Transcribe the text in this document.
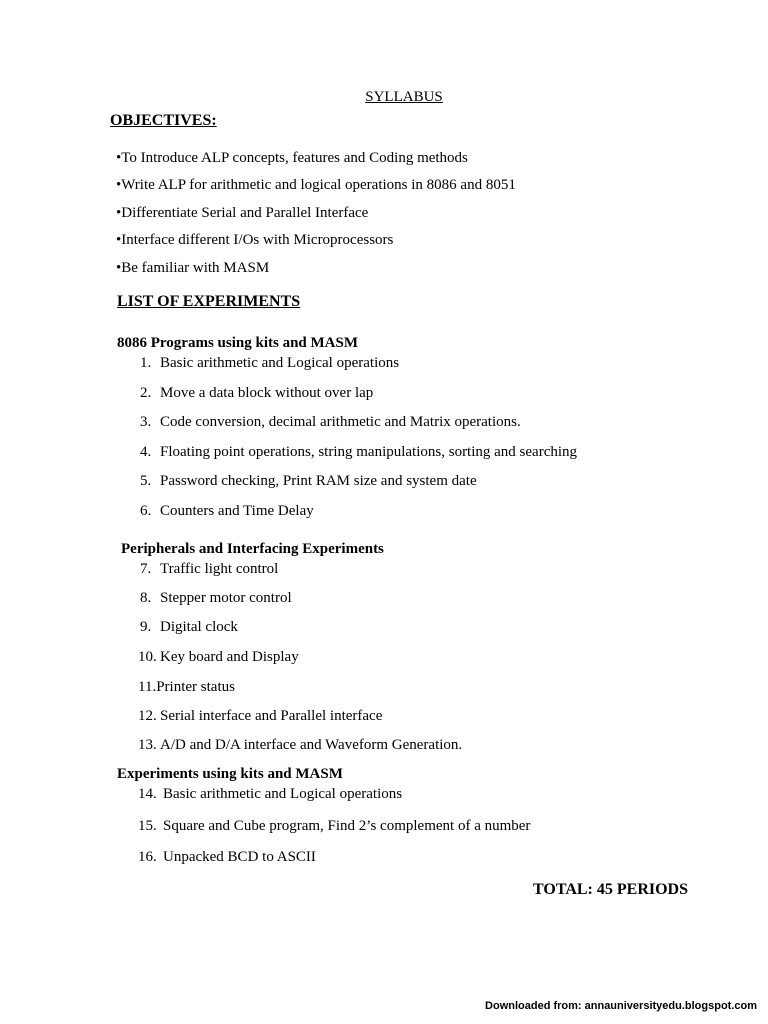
SYLLABUS
OBJECTIVES:
•To Introduce ALP concepts, features and Coding methods
•Write ALP for arithmetic and logical operations in 8086 and 8051
•Differentiate Serial and Parallel Interface
•Interface different I/Os with Microprocessors
•Be familiar with MASM
LIST OF EXPERIMENTS
8086 Programs using kits and MASM
1. Basic arithmetic and Logical operations
2. Move a data block without over lap
3. Code conversion, decimal arithmetic and Matrix operations.
4. Floating point operations, string manipulations, sorting and searching
5. Password checking, Print RAM size and system date
6. Counters and Time Delay
Peripherals and Interfacing Experiments
7. Traffic light control
8. Stepper motor control
9. Digital clock
10. Key board and Display
11.Printer status
12. Serial interface and Parallel interface
13. A/D and D/A interface and Waveform Generation.
Experiments using kits and MASM
14. Basic arithmetic and Logical operations
15. Square and Cube program, Find 2’s complement of a number
16. Unpacked BCD to ASCII
TOTAL: 45 PERIODS
Downloaded from: annauniversityedu.blogspot.com
